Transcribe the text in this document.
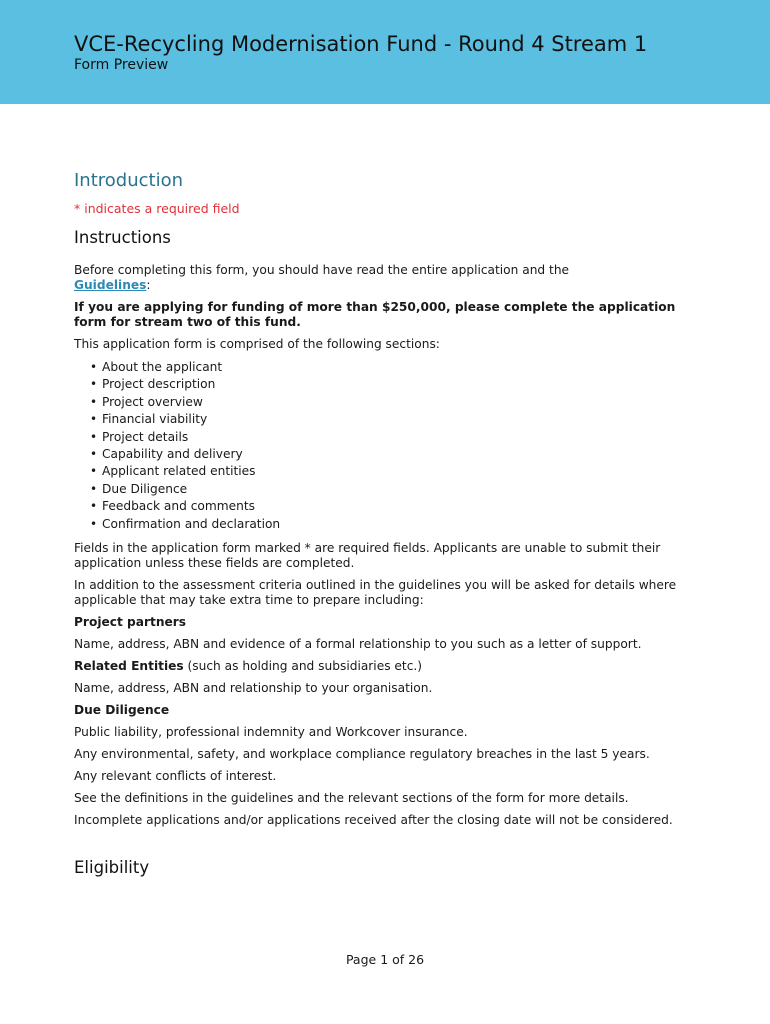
VCE-Recycling Modernisation Fund - Round 4 Stream 1
Form Preview
Introduction

* indicates a required field

Instructions

Before completing this form, you should have read the entire application and the
Guidelines:

If you are applying for funding of more than $250,000, please complete the application form for stream two of this fund.

This application form is comprised of the following sections:

• About the applicant
• Project description
• Project overview
• Financial viability
• Project details
• Capability and delivery
• Applicant related entities
• Due Diligence
• Feedback and comments
• Confirmation and declaration

Fields in the application form marked * are required fields. Applicants are unable to submit their application unless these fields are completed.

In addition to the assessment criteria outlined in the guidelines you will be asked for details where applicable that may take extra time to prepare including:

Project partners

Name, address, ABN and evidence of a formal relationship to you such as a letter of support.

Related Entities (such as holding and subsidiaries etc.)

Name, address, ABN and relationship to your organisation.

Due Diligence

Public liability, professional indemnity and Workcover insurance.

Any environmental, safety, and workplace compliance regulatory breaches in the last 5 years.

Any relevant conflicts of interest.

See the definitions in the guidelines and the relevant sections of the form for more details.

Incomplete applications and/or applications received after the closing date will not be considered.

Eligibility
Page 1 of 26
